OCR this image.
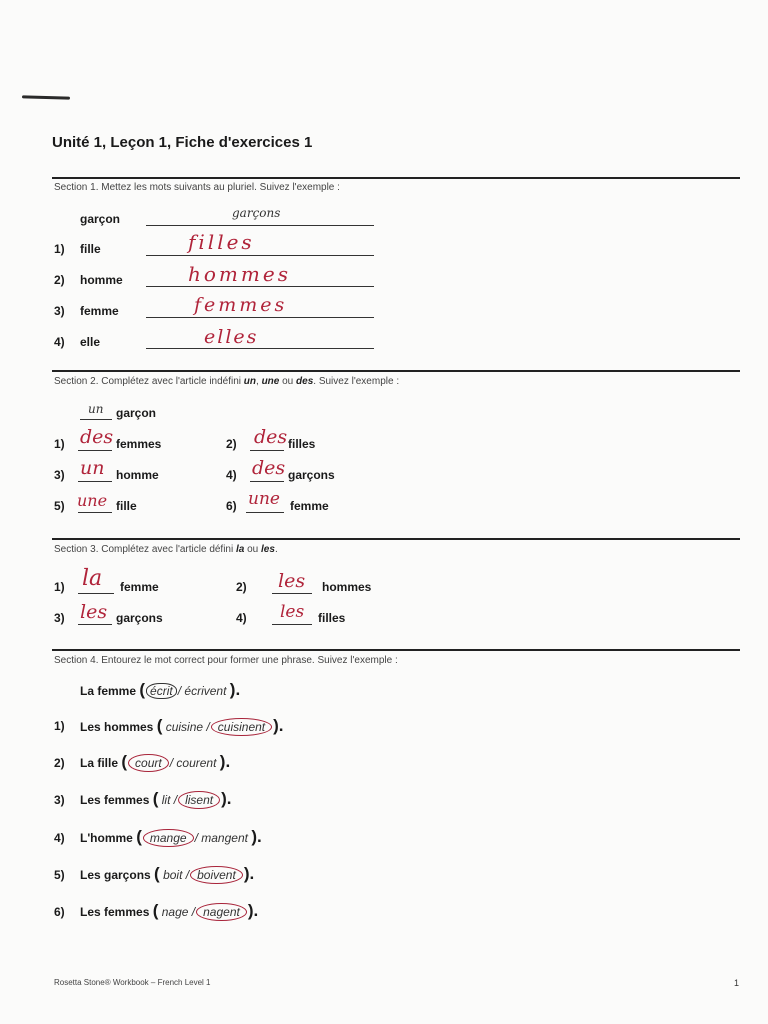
Unité 1, Leçon 1, Fiche d'exercices 1
Section 1. Mettez les mots suivants au pluriel. Suivez l'exemple :
garçon	garçons
1) fille	filles
2) homme	hommes
3) femme	femmes
4) elle	elles
Section 2. Complétez avec l'article indéfini un, une ou des. Suivez l'exemple :
un garçon
1) des femmes	2) des filles
3) un homme	4) des garçons
5) une fille	6) une femme
Section 3. Complétez avec l'article défini la ou les.
1) la femme	2) les hommes
3) les garçons	4) les filles
Section 4. Entourez le mot correct pour former une phrase. Suivez l'exemple :
La femme ( écrit / écrivent ).
1) Les hommes ( cuisine / cuisinent ).
2) La fille ( court / courent ).
3) Les femmes ( lit / lisent ).
4) L'homme ( mange / mangent ).
5) Les garçons ( boit / boivent ).
6) Les femmes ( nage / nagent ).
Rosetta Stone® Workbook – French Level 1	1
